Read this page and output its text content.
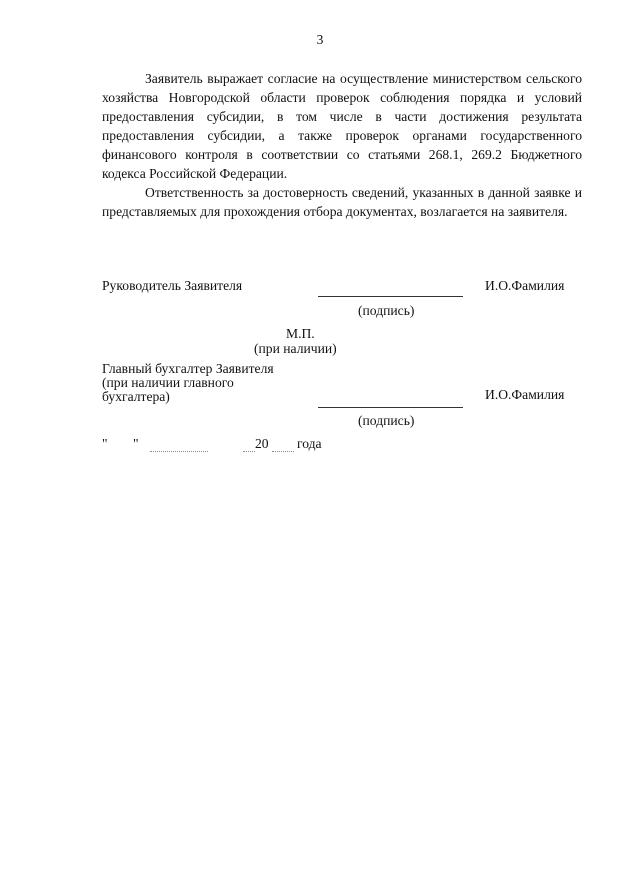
3

Заявитель выражает согласие на осуществление министерством сельского хозяйства Новгородской области проверок соблюдения порядка и условий предоставления субсидии, в том числе в части достижения результата предоставления субсидии, а также проверок органами государственного финансового контроля в соответствии со статьями 268.1, 269.2 Бюджетного кодекса Российской Федерации.

Ответственность за достоверность сведений, указанных в данной заявке и представляемых для прохождения отбора документах, возлагается на заявителя.

Руководитель Заявителя	И.О.Фамилия
(подпись)
М.П.
(при наличии)
Главный бухгалтер Заявителя
(при наличии главного
бухгалтера)	И.О.Фамилия
(подпись)
" "	20 года
